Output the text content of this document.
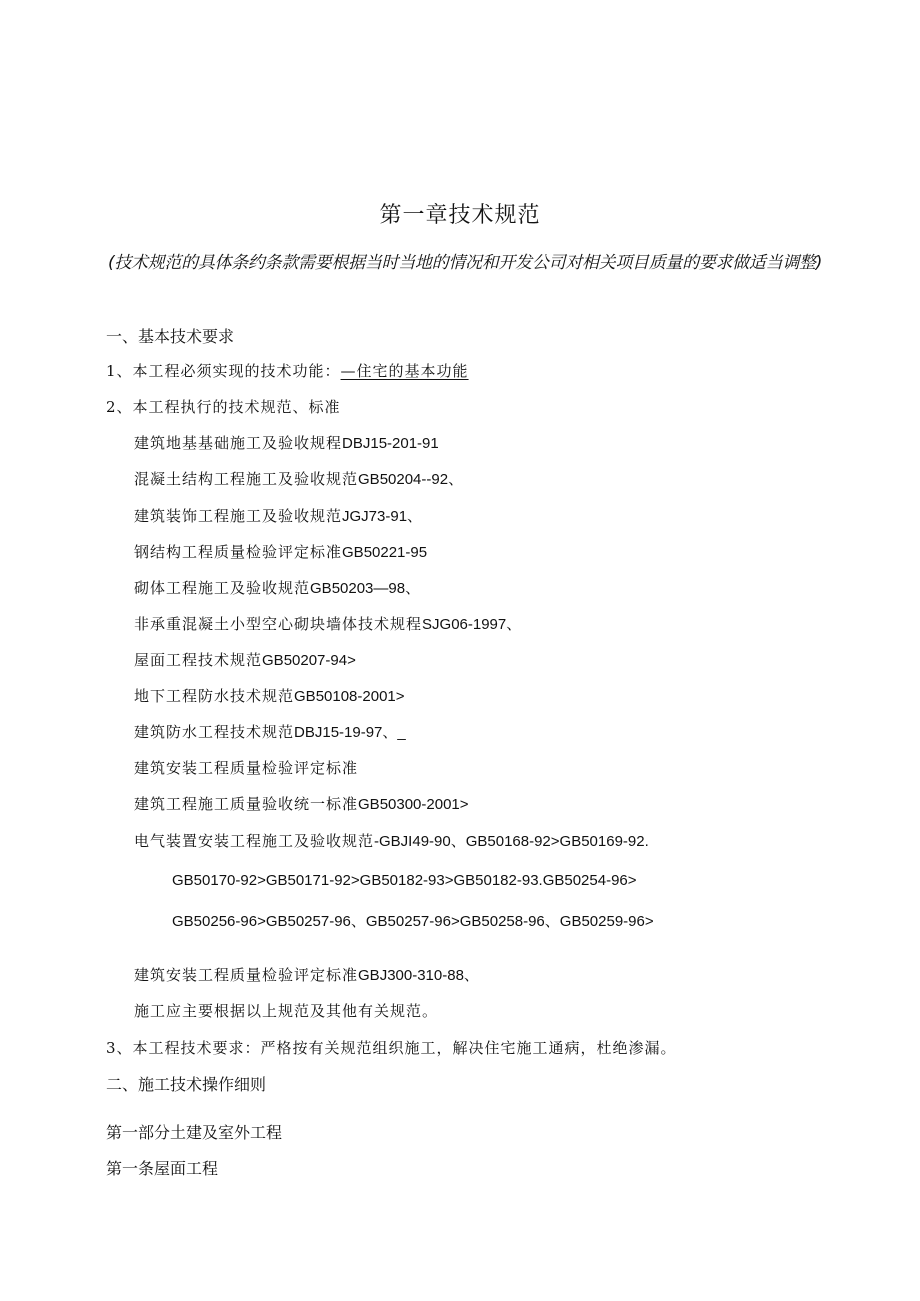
第一章技术规范
(技术规范的具体条约条款需要根据当时当地的情况和开发公司对相关项目质量的要求做适当调整)
一、基本技术要求
1、本工程必须实现的技术功能：—住宅的基本功能
2、本工程执行的技术规范、标准
建筑地基基础施工及验收规程DBJ15-201-91
混凝土结构工程施工及验收规范GB50204--92、
建筑装饰工程施工及验收规范JGJ73-91、
钢结构工程质量检验评定标准GB50221-95
砌体工程施工及验收规范GB50203—98、
非承重混凝土小型空心砌块墙体技术规程SJG06-1997、
屋面工程技术规范GB50207-94>
地下工程防水技术规范GB50108-2001>
建筑防水工程技术规范DBJ15-19-97、_
建筑安装工程质量检验评定标准
建筑工程施工质量验收统一标准GB50300-2001>
电气装置安装工程施工及验收规范-GBJI49-90、GB50168-92>GB50169-92.
GB50170-92>GB50171-92>GB50182-93>GB50182-93.GB50254-96>
GB50256-96>GB50257-96、GB50257-96>GB50258-96、GB50259-96>
建筑安装工程质量检验评定标准GBJ300-310-88、
施工应主要根据以上规范及其他有关规范。
3、本工程技术要求：严格按有关规范组织施工，解决住宅施工通病，杜绝渗漏。
二、施工技术操作细则
第一部分土建及室外工程
第一条屋面工程
